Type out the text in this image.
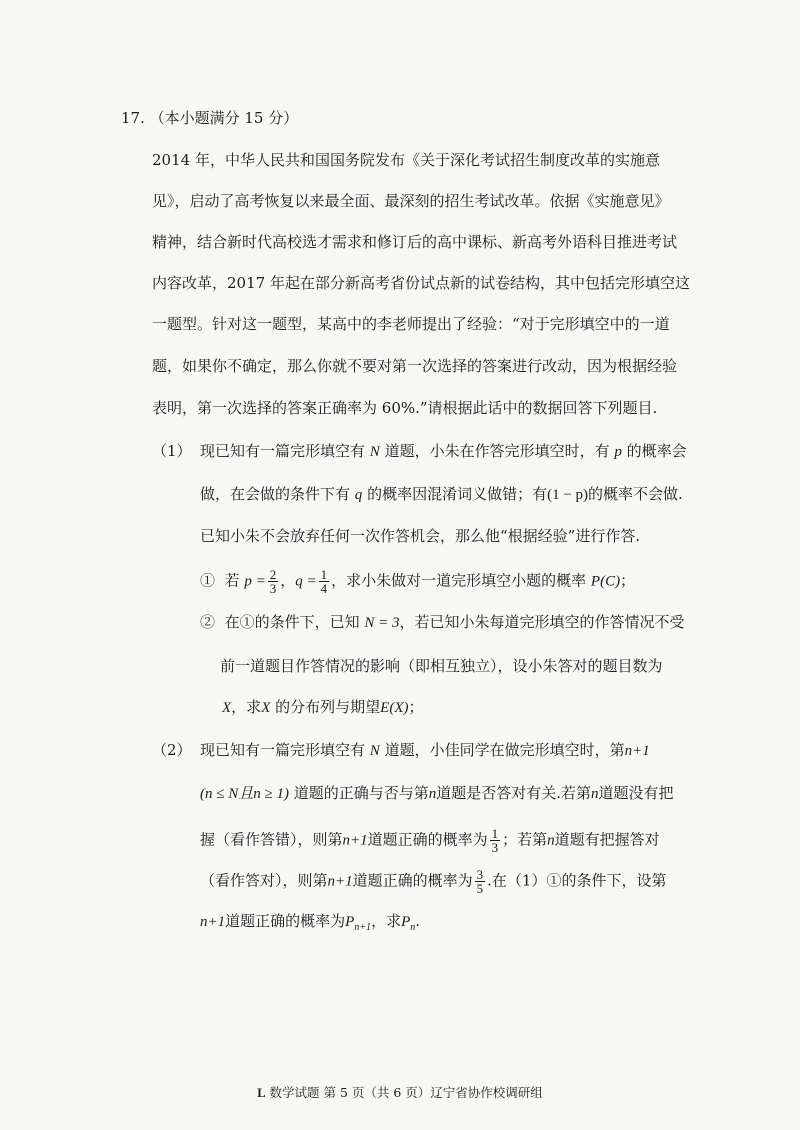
17. （本小题满分 15 分）
2014 年，中华人民共和国国务院发布《关于深化考试招生制度改革的实施意
见》，启动了高考恢复以来最全面、最深刻的招生考试改革。依据《实施意见》
精神，结合新时代高校选才需求和修订后的高中课标、新高考外语科目推进考试
内容改革，2017 年起在部分新高考省份试点新的试卷结构，其中包括完形填空这
一题型。针对这一题型，某高中的李老师提出了经验：“对于完形填空中的一道
题，如果你不确定，那么你就不要对第一次选择的答案进行改动，因为根据经验
表明，第一次选择的答案正确率为 60%.”请根据此话中的数据回答下列题目.
（1） 现已知有一篇完形填空有 N 道题，小朱在作答完形填空时，有 p 的概率会
做，在会做的条件下有 q 的概率因混淆词义做错；有(1 − p)的概率不会做.
已知小朱不会放弃任何一次作答机会，那么他“根据经验”进行作答.
① 若 $p = \frac{2}{3}$ ，$q = \frac{1}{4}$ ，求小朱做对一道完形填空小题的概率 P(C)；
② 在①的条件下，已知 N = 3，若已知小朱每道完形填空的作答情况不受
前一道题目作答情况的影响（即相互独立），设小朱答对的题目数为
X，求X 的分布列与期望E(X)；
（2） 现已知有一篇完形填空有 N 道题，小佳同学在做完形填空时，第n+1
(n ≤ N且n ≥ 1) 道题的正确与否与第n道题是否答对有关.若第n道题没有把
握（看作答错），则第n+1道题正确的概率为 $\frac{1}{3}$ ；若第n道题有把握答对
（看作答对），则第n+1道题正确的概率为 $\frac{3}{5}$ .在（1）①的条件下，设第
n+1道题正确的概率为$P_{n+1}$，求$P_n$.
L 数学试题 第 5 页（共 6 页）辽宁省协作校调研组
